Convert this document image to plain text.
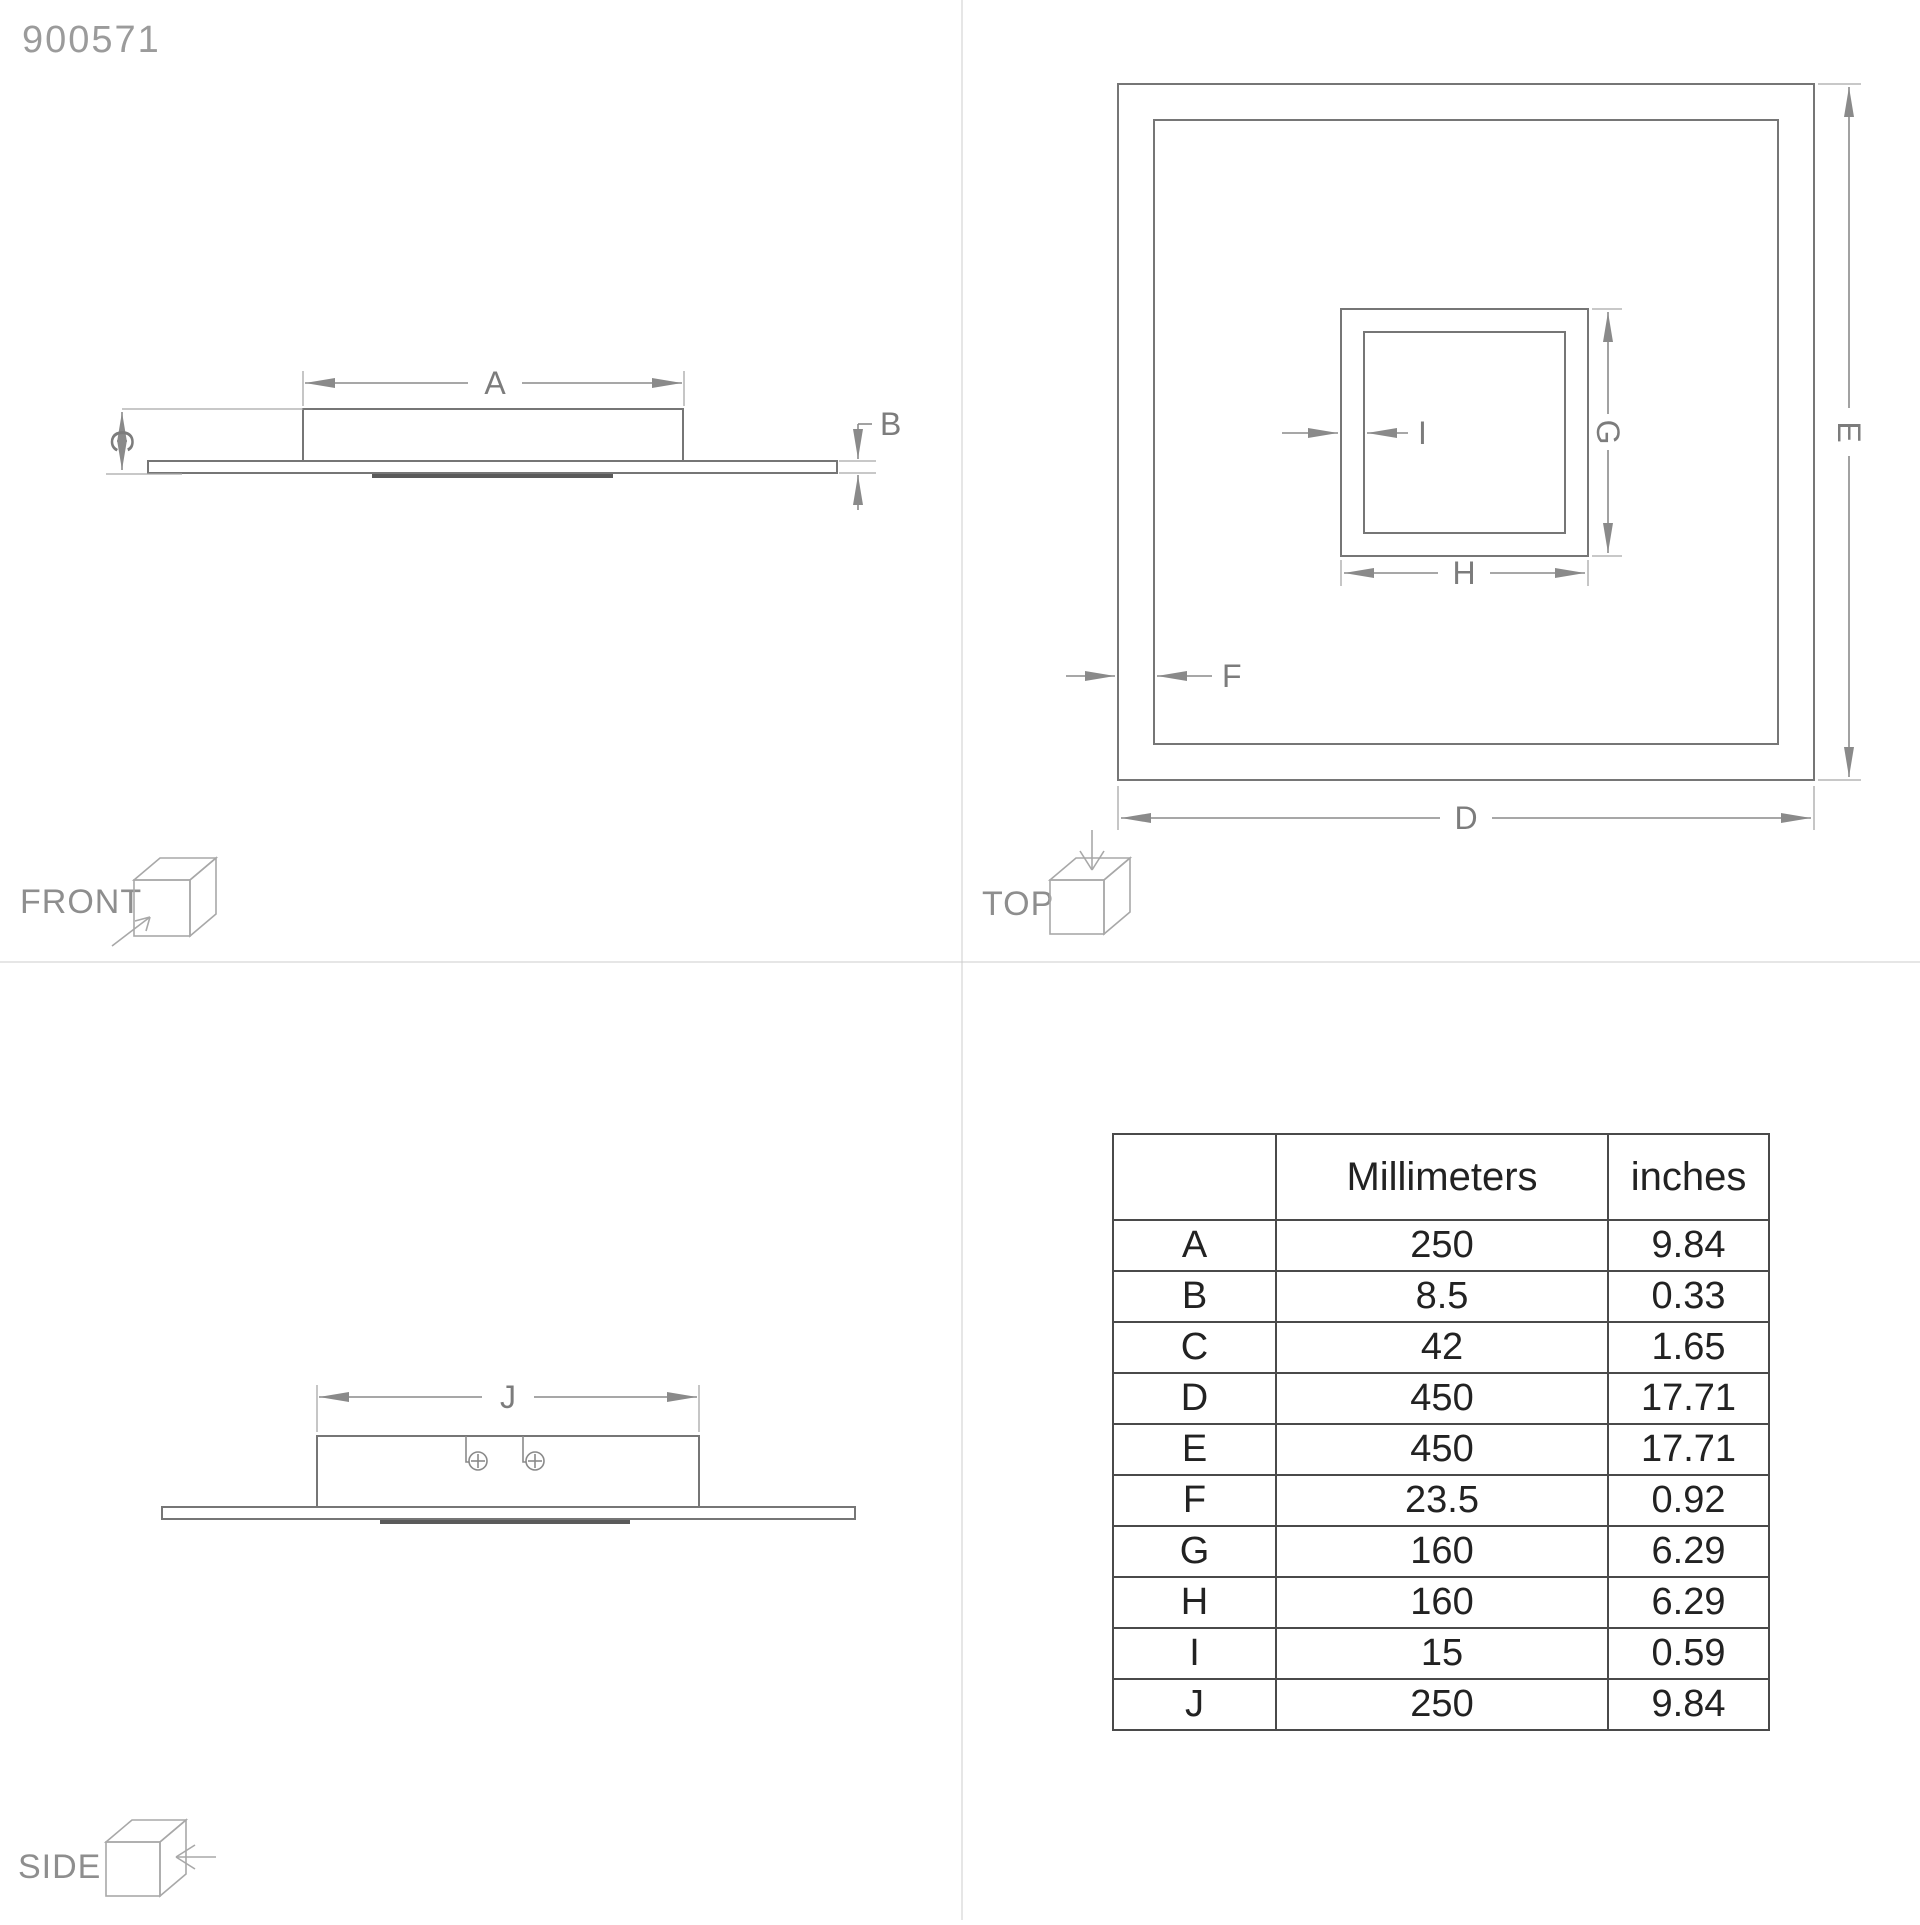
900571
A
C	B
FRONT
E
D
G
H
I
F
TOP
J
SIDE
	Millimeters	inches
A	250	9.84
B	8.5	0.33
C	42	1.65
D	450	17.71
E	450	17.71
F	23.5	0.92
G	160	6.29
H	160	6.29
I	15	0.59
J	250	9.84
